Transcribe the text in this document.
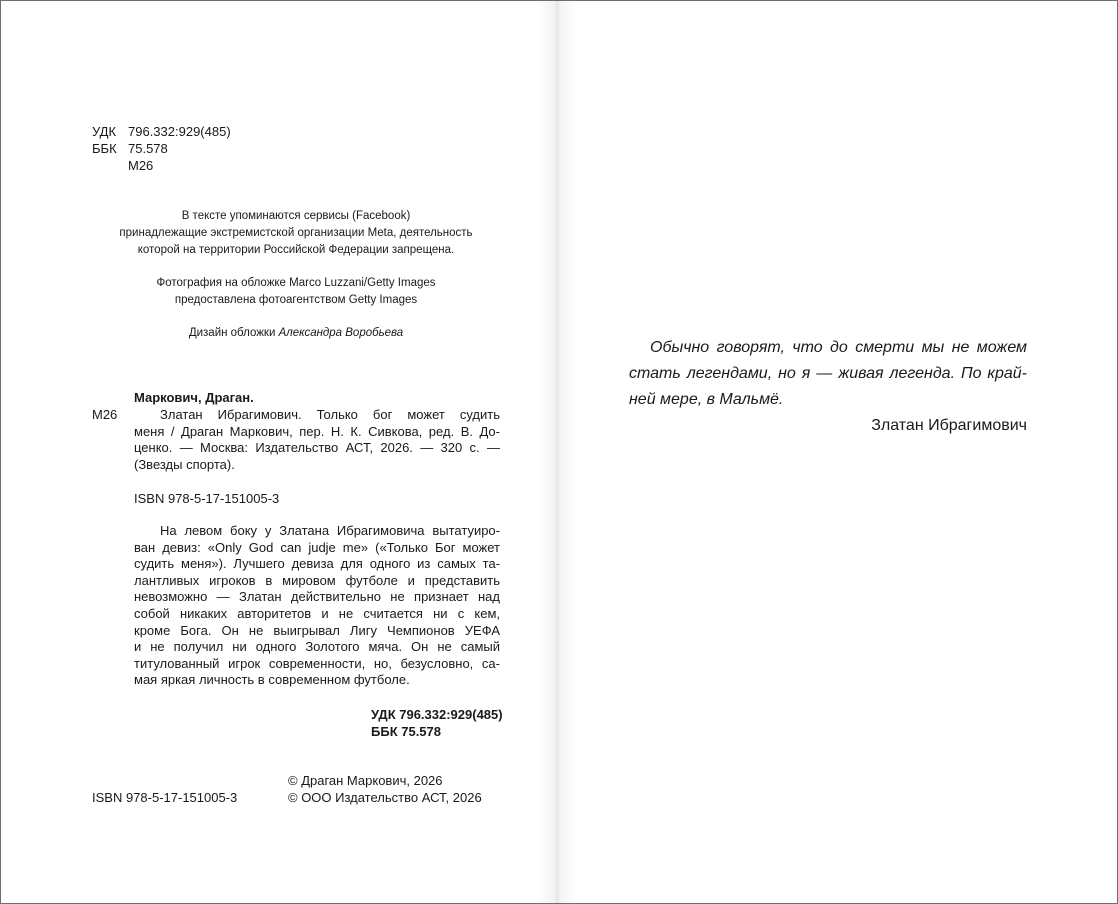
УДК 796.332:929(485)
ББК 75.578
М26
В тексте упоминаются сервисы (Facebook)
принадлежащие экстремистской организации Meta, деятельность
которой на территории Российской Федерации запрещена.
Фотография на обложке Marco Luzzani/Getty Images
предоставлена фотоагентством Getty Images
Дизайн обложки Александра Воробьева
Маркович, Драган.
М26	Златан Ибрагимович. Только бог может судить
меня / Драган Маркович, пер. Н. К. Сивкова, ред. В. До-
ценко. — Москва: Издательство АСТ, 2026. — 320 с. —
(Звезды спорта).
ISBN 978-5-17-151005-3
На левом боку у Златана Ибрагимовича вытатуиро-
ван девиз: «Only God can judje me» («Только Бог может
судить меня»). Лучшего девиза для одного из самых та-
лантливых игроков в мировом футболе и представить
невозможно — Златан действительно не признает над
собой никаких авторитетов и не считается ни с кем,
кроме Бога. Он не выигрывал Лигу Чемпионов УЕФА
и не получил ни одного Золотого мяча. Он не самый
титулованный игрок современности, но, безусловно, са-
мая яркая личность в современном футболе.
УДК 796.332:929(485)
ББК 75.578
ISBN 978-5-17-151005-3
© Драган Маркович, 2026
© ООО Издательство АСТ, 2026
Обычно говорят, что до смерти мы не можем
стать легендами, но я — живая легенда. По край-
ней мере, в Мальмё.
Златан Ибрагимович
